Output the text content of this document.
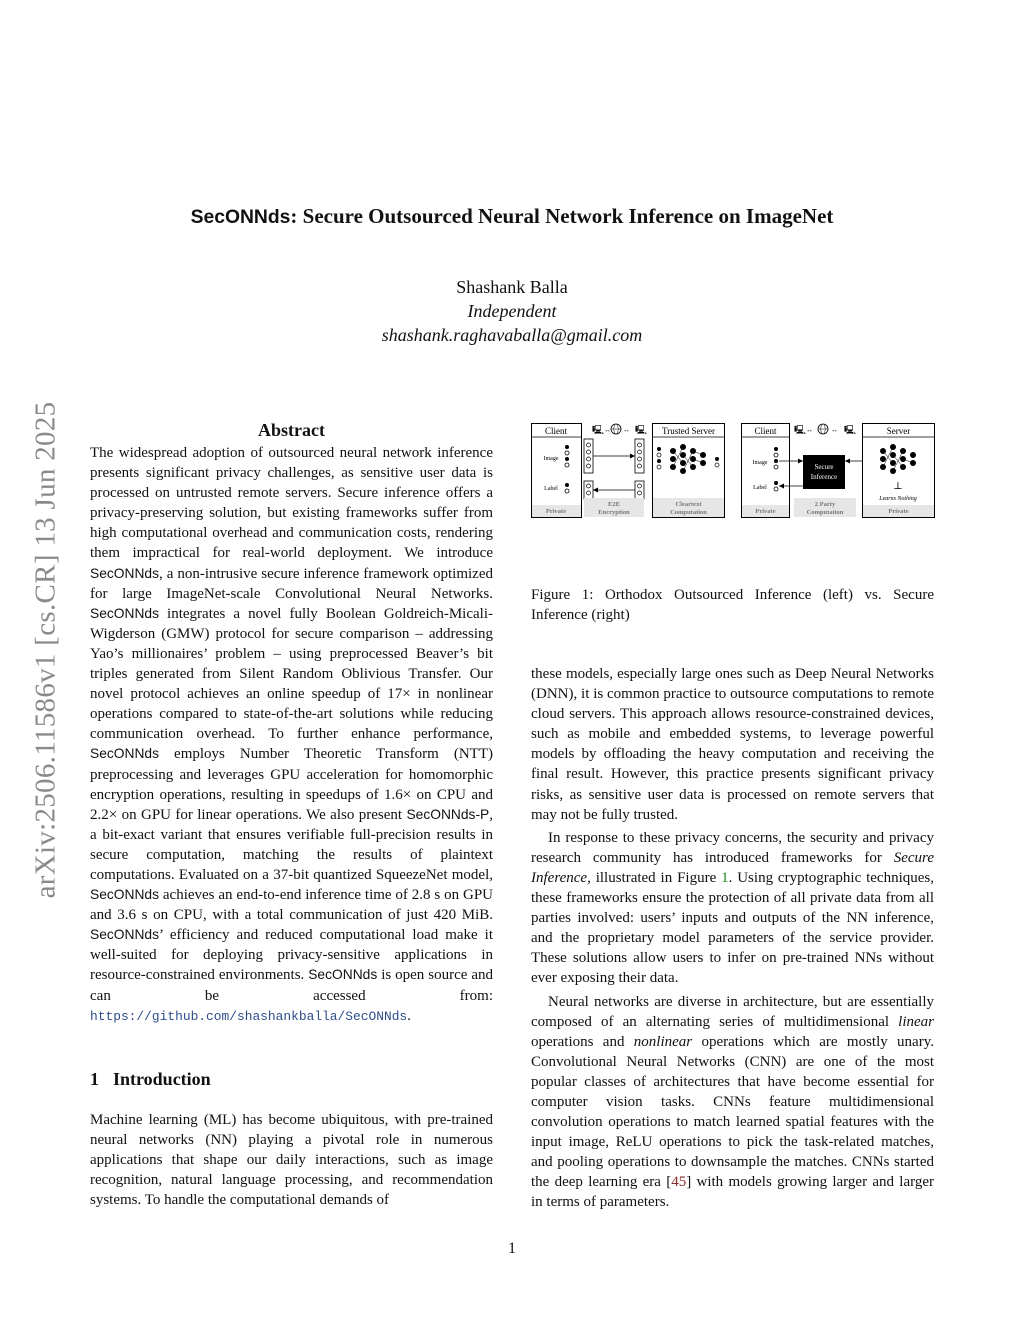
arXiv:2506.11586v1 [cs.CR] 13 Jun 2025
SecONNds: Secure Outsourced Neural Network Inference on ImageNet
Shashank Balla
Independent
shashank.raghavaballa@gmail.com
Abstract

The widespread adoption of outsourced neural network inference presents significant privacy challenges, as sensitive user data is processed on untrusted remote servers. Secure inference offers a privacy-preserving solution, but existing frameworks suffer from high computational overhead and communication costs, rendering them impractical for real-world deployment. We introduce SecONNds, a non-intrusive secure inference framework optimized for large ImageNet-scale Convolutional Neural Networks. SecONNds integrates a novel fully Boolean Goldreich-Micali-Wigderson (GMW) protocol for secure comparison – addressing Yao’s millionaires’ problem – using preprocessed Beaver’s bit triples generated from Silent Random Oblivious Transfer. Our novel protocol achieves an online speedup of 17× in nonlinear operations compared to state-of-the-art solutions while reducing communication overhead. To further enhance performance, SecONNds employs Number Theoretic Transform (NTT) preprocessing and leverages GPU acceleration for homomorphic encryption operations, resulting in speedups of 1.6× on CPU and 2.2× on GPU for linear operations. We also present SecONNds-P, a bit-exact variant that ensures verifiable full-precision results in secure computation, matching the results of plaintext computations. Evaluated on a 37-bit quantized SqueezeNet model, SecONNds achieves an end-to-end inference time of 2.8 s on GPU and 3.6 s on CPU, with a total communication of just 420 MiB. SecONNds’ efficiency and reduced computational load make it well-suited for deploying privacy-sensitive applications in resource-constrained environments. SecONNds is open source and can be accessed from: https://github.com/shashankballa/SecONNds.

1 Introduction

Machine learning (ML) has become ubiquitous, with pre-trained neural networks (NN) playing a pivotal role in numerous applications that shape our daily interactions, such as image recognition, natural language processing, and recommendation systems. To handle the computational demands of

Client
Image
Label
Private
🖳 ↔ ↔ 🖳
E2E
Encryption
Trusted Server
Cleartext
Computation
Client
Image
Label
Private
🖳 ↔	↔ 🖳
Secure
Inference
2 Party
Computation
Server
⊥
Learns Nothing
Private
Figure 1: Orthodox Outsourced Inference (left) vs. Secure Inference (right)

these models, especially large ones such as Deep Neural Networks (DNN), it is common practice to outsource computations to remote cloud servers. This approach allows resource-constrained devices, such as mobile and embedded systems, to leverage powerful models by offloading the heavy computation and receiving the final result. However, this practice presents significant privacy risks, as sensitive user data is processed on remote servers that may not be fully trusted.

In response to these privacy concerns, the security and privacy research community has introduced frameworks for Secure Inference, illustrated in Figure 1. Using cryptographic techniques, these frameworks ensure the protection of all private data from all parties involved: users’ inputs and outputs of the NN inference, and the proprietary model parameters of the service provider. These solutions allow users to infer on pre-trained NNs without ever exposing their data.

Neural networks are diverse in architecture, but are essentially composed of an alternating series of multidimensional linear operations and nonlinear operations which are mostly unary. Convolutional Neural Networks (CNN) are one of the most popular classes of architectures that have become essential for computer vision tasks. CNNs feature multidimensional convolution operations to match learned spatial features with the input image, ReLU operations to pick the task-related matches, and pooling operations to downsample the matches. CNNs started the deep learning era [45] with models growing larger and larger in terms of parameters.

1
